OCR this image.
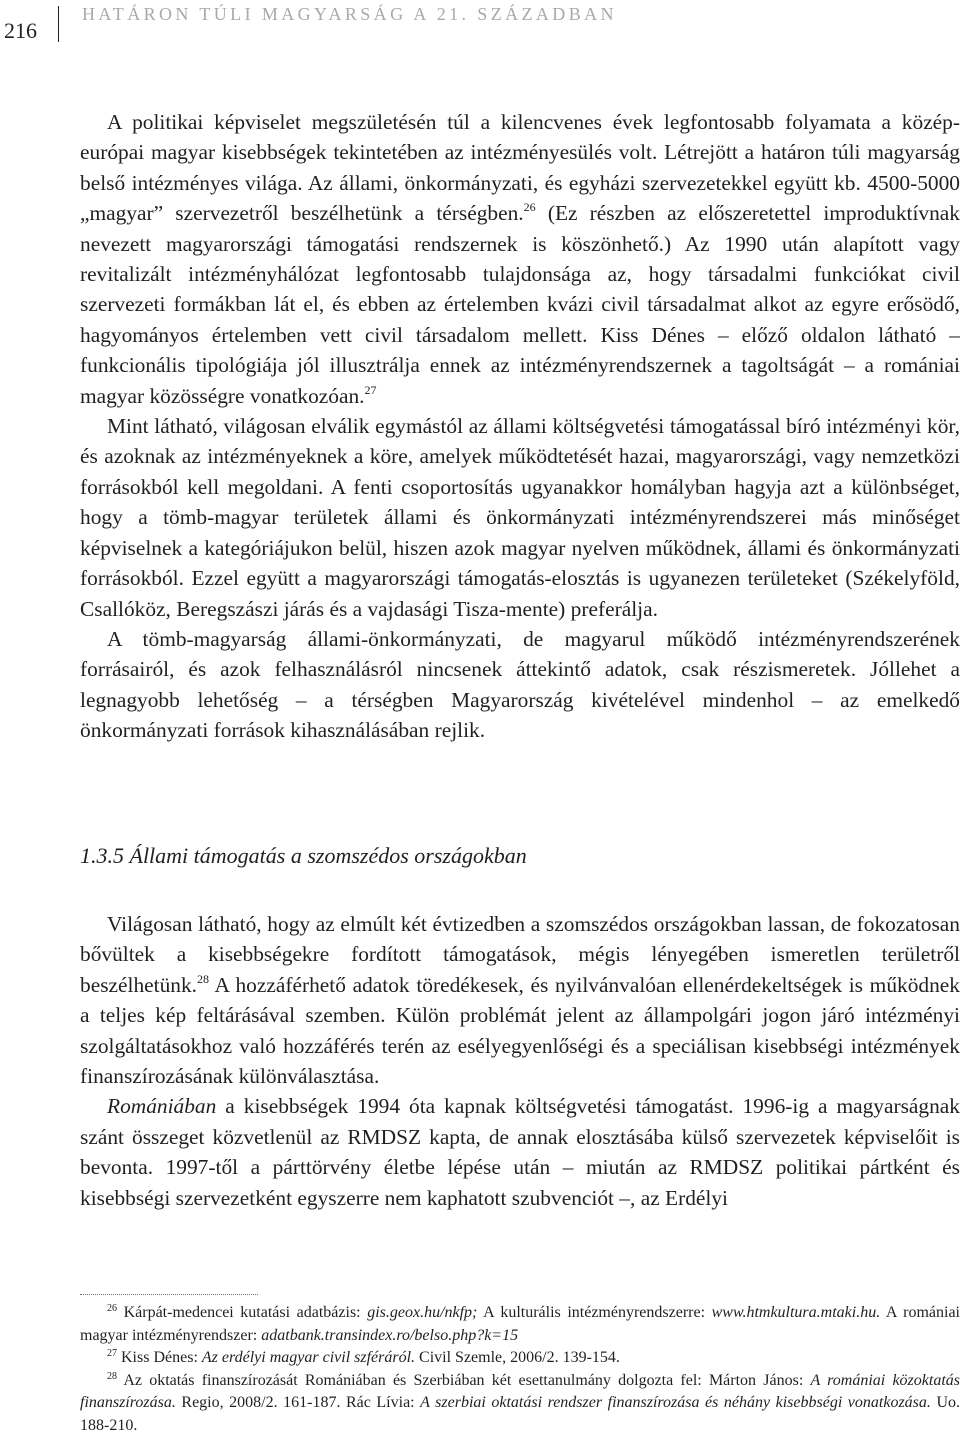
216
HATÁRON TÚLI MAGYARSÁG A 21. SZÁZADBAN

A politikai képviselet megszületésén túl a kilencvenes évek legfontosabb folyamata a közép-európai magyar kisebbségek tekintetében az intézményesülés volt. Létrejött a határon túli magyarság belső intézményes világa. Az állami, önkormányzati, és egyházi szervezetekkel együtt kb. 4500-5000 „magyar” szervezetről beszélhetünk a térségben.$^{26}$ (Ez részben az előszeretettel improduktívnak nevezett magyarországi támogatási rendszernek is köszönhető.) Az 1990 után alapított vagy revitalizált intézményhálózat legfontosabb tulajdonsága az, hogy társadalmi funkciókat civil szervezeti formákban lát el, és ebben az értelemben kvázi civil társadalmat alkot az egyre erősödő, hagyományos értelemben vett civil társadalom mellett. Kiss Dénes – előző oldalon látható – funkcionális tipológiája jól illusztrálja ennek az intézményrendszernek a tagoltságát – a romániai magyar közösségre vonatkozóan.$^{27}$

Mint látható, világosan elválik egymástól az állami költségvetési támogatással bíró intézményi kör, és azoknak az intézményeknek a köre, amelyek működtetését hazai, magyarországi, vagy nemzetközi forrásokból kell megoldani. A fenti csoportosítás ugyanakkor homályban hagyja azt a különbséget, hogy a tömb-magyar területek állami és önkormányzati intézményrendszerei más minőséget képviselnek a kategóriájukon belül, hiszen azok magyar nyelven működnek, állami és önkormányzati forrásokból. Ezzel együtt a magyarországi támogatás-elosztás is ugyanezen területeket (Székelyföld, Csallóköz, Beregszászi járás és a vajdasági Tisza-mente) preferálja.

A tömb-magyarság állami-önkormányzati, de magyarul működő intézményrendszerének forrásairól, és azok felhasználásról nincsenek áttekintő adatok, csak részismeretek. Jóllehet a legnagyobb lehetőség – a térségben Magyarország kivételével mindenhol – az emelkedő önkormányzati források kihasználásában rejlik.

1.3.5 Állami támogatás a szomszédos országokban

Világosan látható, hogy az elmúlt két évtizedben a szomszédos országokban lassan, de fokozatosan bővültek a kisebbségekre fordított támogatások, mégis lényegében ismeretlen területről beszélhetünk.$^{28}$ A hozzáférhető adatok töredékesek, és nyilvánvalóan ellenérdekeltségek is működnek a teljes kép feltárásával szemben. Külön problémát jelent az állampolgári jogon járó intézményi szolgáltatásokhoz való hozzáférés terén az esélyegyenlőségi és a speciálisan kisebbségi intézmények finanszírozásának különválasztása.

Romániában a kisebbségek 1994 óta kapnak költségvetési támogatást. 1996-ig a magyarságnak szánt összeget közvetlenül az RMDSZ kapta, de annak elosztásába külső szervezetek képviselőit is bevonta. 1997-től a párttörvény életbe lépése után – miután az RMDSZ politikai pártként és kisebbségi szervezetként egyszerre nem kaphatott szubvenciót –, az Erdélyi

$^{26}$ Kárpát-medencei kutatási adatbázis: gis.geox.hu/nkfp; A kulturális intézményrendszerre: www.htmkultura.mtaki.hu. A romániai magyar intézményrendszer: adatbank.transindex.ro/belso.php?k=15

$^{27}$ Kiss Dénes: Az erdélyi magyar civil szféráról. Civil Szemle, 2006/2. 139-154.

$^{28}$ Az oktatás finanszírozását Romániában és Szerbiában két esettanulmány dolgozta fel: Márton János: A romániai közoktatás finanszírozása. Regio, 2008/2. 161-187. Rác Lívia: A szerbiai oktatási rendszer finanszírozása és néhány kisebbségi vonatkozása. Uo. 188-210.
